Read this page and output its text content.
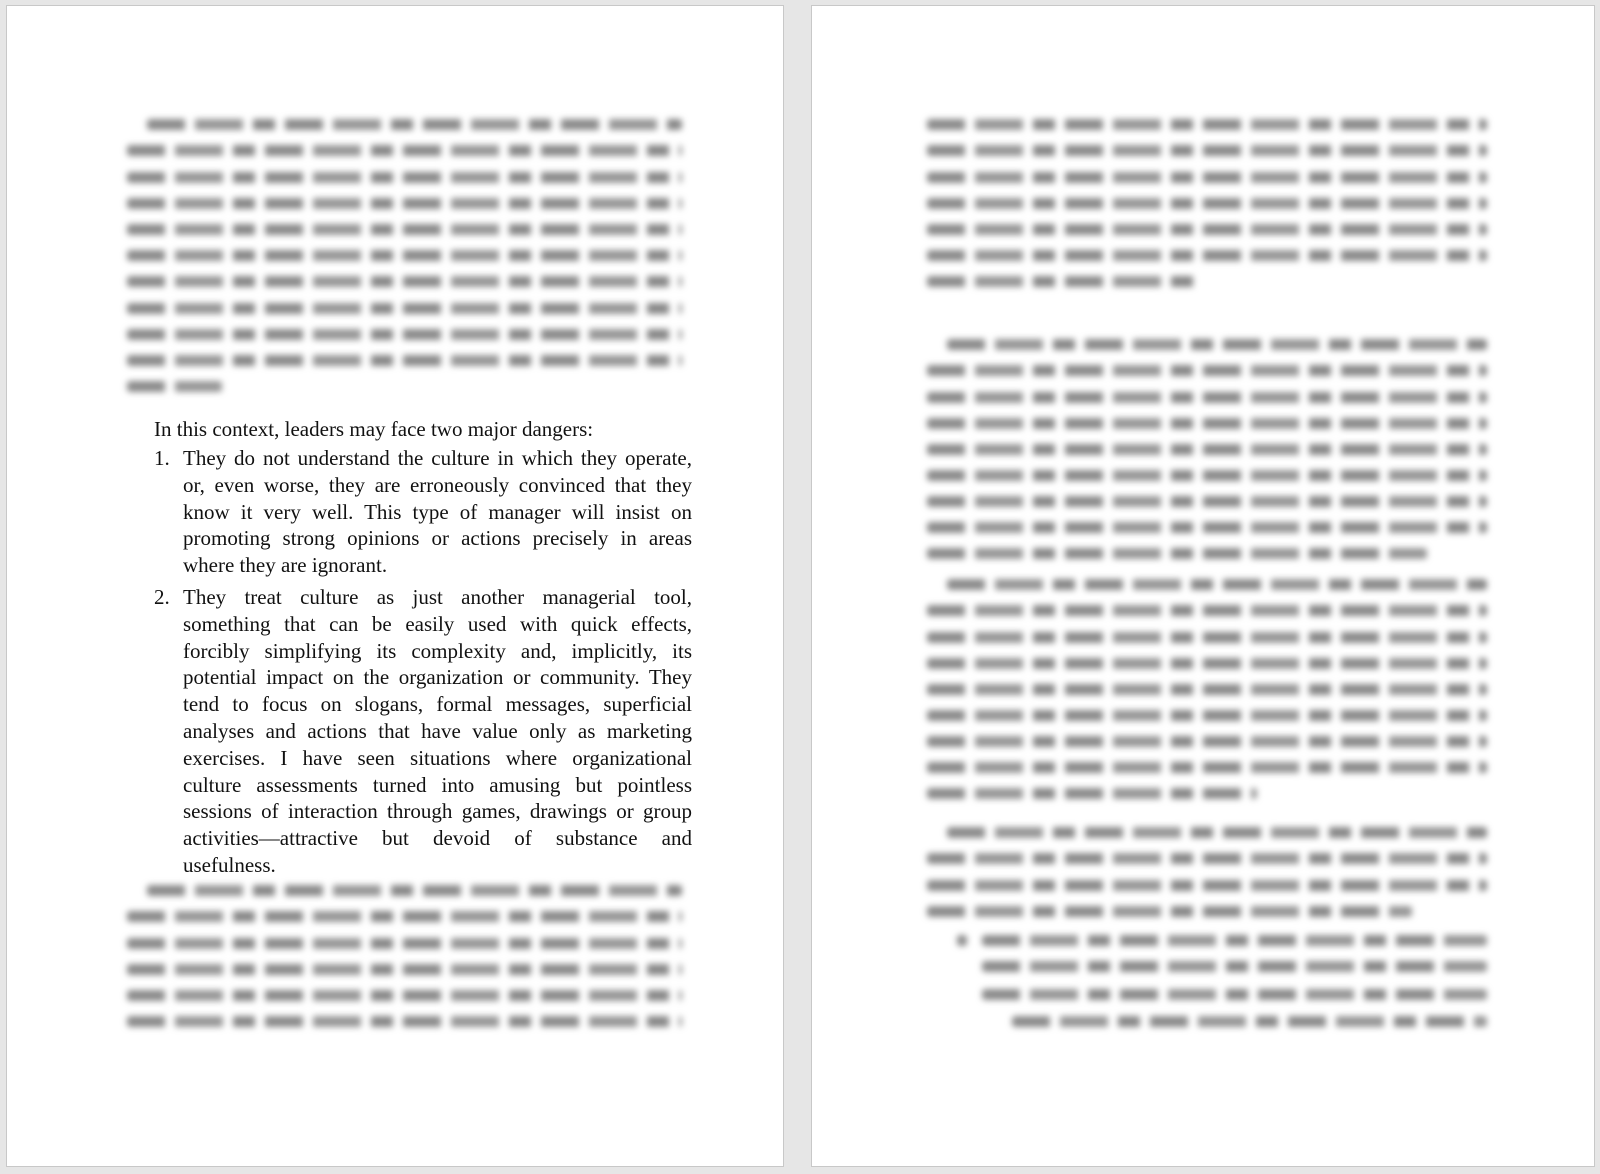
In this context, leaders may face two major dangers:

1. They do not understand the culture in which they operate, or, even worse, they are erroneously convinced that they know it very well. This type of manager will insist on promoting strong opinions or actions precisely in areas where they are ignorant.
2. They treat culture as just another managerial tool, something that can be easily used with quick effects, forcibly simplifying its complexity and, implicitly, its potential impact on the organization or community. They tend to focus on slogans, formal messages, superficial analyses and actions that have value only as marketing exercises. I have seen situations where organizational culture assessments turned into amusing but pointless sessions of interaction through games, drawings or group activities—attractive but devoid of substance and usefulness.
